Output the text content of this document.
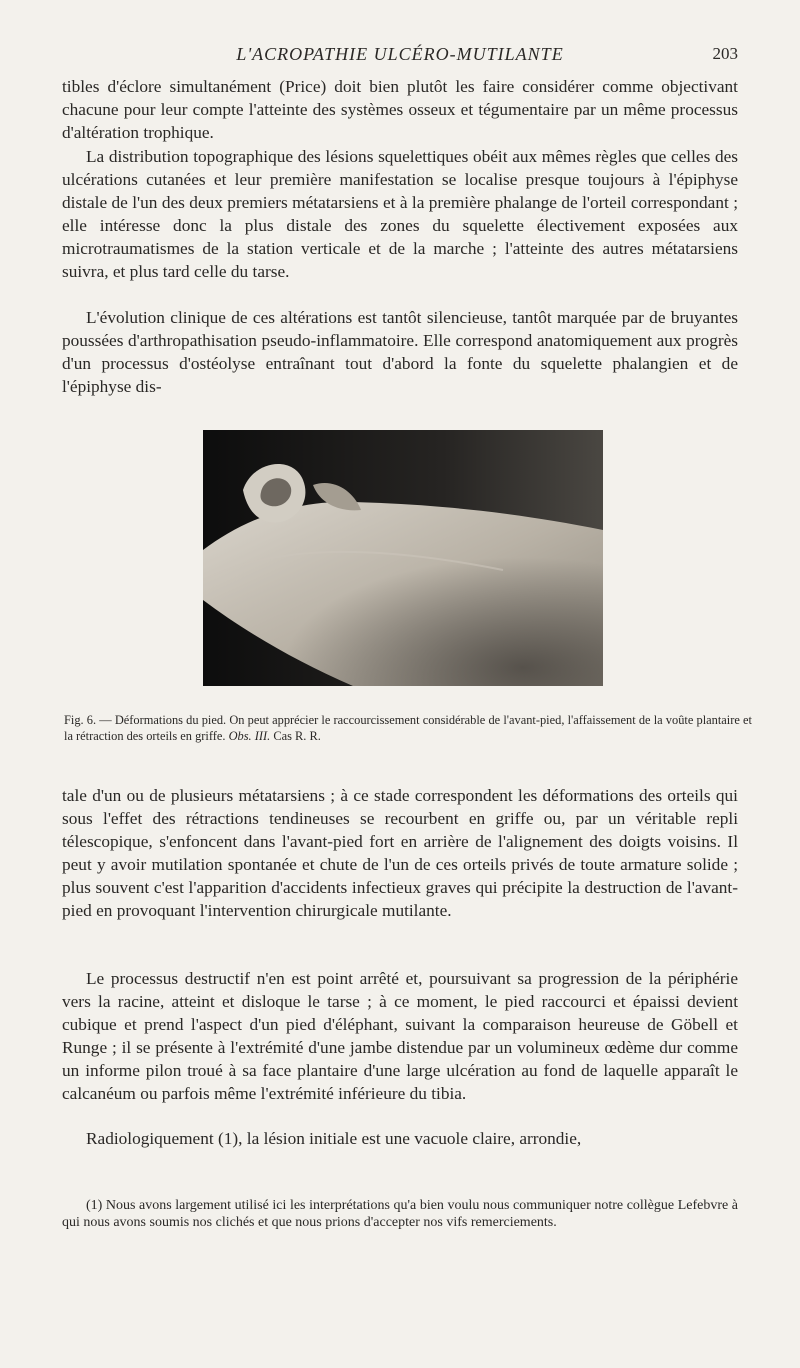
L'ACROPATHIE ULCÉRO-MUTILANTE	203

tibles d'éclore simultanément (Price) doit bien plutôt les faire considérer comme objectivant chacune pour leur compte l'atteinte des systèmes osseux et tégumentaire par un même processus d'altération trophique.

La distribution topographique des lésions squelettiques obéit aux mêmes règles que celles des ulcérations cutanées et leur première manifestation se localise presque toujours à l'épiphyse distale de l'un des deux premiers métatarsiens et à la première phalange de l'orteil correspondant ; elle intéresse donc la plus distale des zones du squelette électivement exposées aux microtraumatismes de la station verticale et de la marche ; l'atteinte des autres métatarsiens suivra, et plus tard celle du tarse.

L'évolution clinique de ces altérations est tantôt silencieuse, tantôt marquée par de bruyantes poussées d'arthropathisation pseudo-inflammatoire. Elle correspond anatomiquement aux progrès d'un processus d'ostéolyse entraînant tout d'abord la fonte du squelette phalangien et de l'épiphyse dis-

Fig. 6. — Déformations du pied. On peut apprécier le raccourcissement considérable de l'avant-pied, l'affaissement de la voûte plantaire et la rétraction des orteils en griffe. Obs. III. Cas R. R.

tale d'un ou de plusieurs métatarsiens ; à ce stade correspondent les déformations des orteils qui sous l'effet des rétractions tendineuses se recourbent en griffe ou, par un véritable repli télescopique, s'enfoncent dans l'avant-pied fort en arrière de l'alignement des doigts voisins. Il peut y avoir mutilation spontanée et chute de l'un de ces orteils privés de toute armature solide ; plus souvent c'est l'apparition d'accidents infectieux graves qui précipite la destruction de l'avant-pied en provoquant l'intervention chirurgicale mutilante.

Le processus destructif n'en est point arrêté et, poursuivant sa progression de la périphérie vers la racine, atteint et disloque le tarse ; à ce moment, le pied raccourci et épaissi devient cubique et prend l'aspect d'un pied d'éléphant, suivant la comparaison heureuse de Göbell et Runge ; il se présente à l'extrémité d'une jambe distendue par un volumineux œdème dur comme un informe pilon troué à sa face plantaire d'une large ulcération au fond de laquelle apparaît le calcanéum ou parfois même l'extrémité inférieure du tibia.

Radiologiquement (1), la lésion initiale est une vacuole claire, arrondie,

(1) Nous avons largement utilisé ici les interprétations qu'a bien voulu nous communiquer notre collègue Lefebvre à qui nous avons soumis nos clichés et que nous prions d'accepter nos vifs remerciements.
